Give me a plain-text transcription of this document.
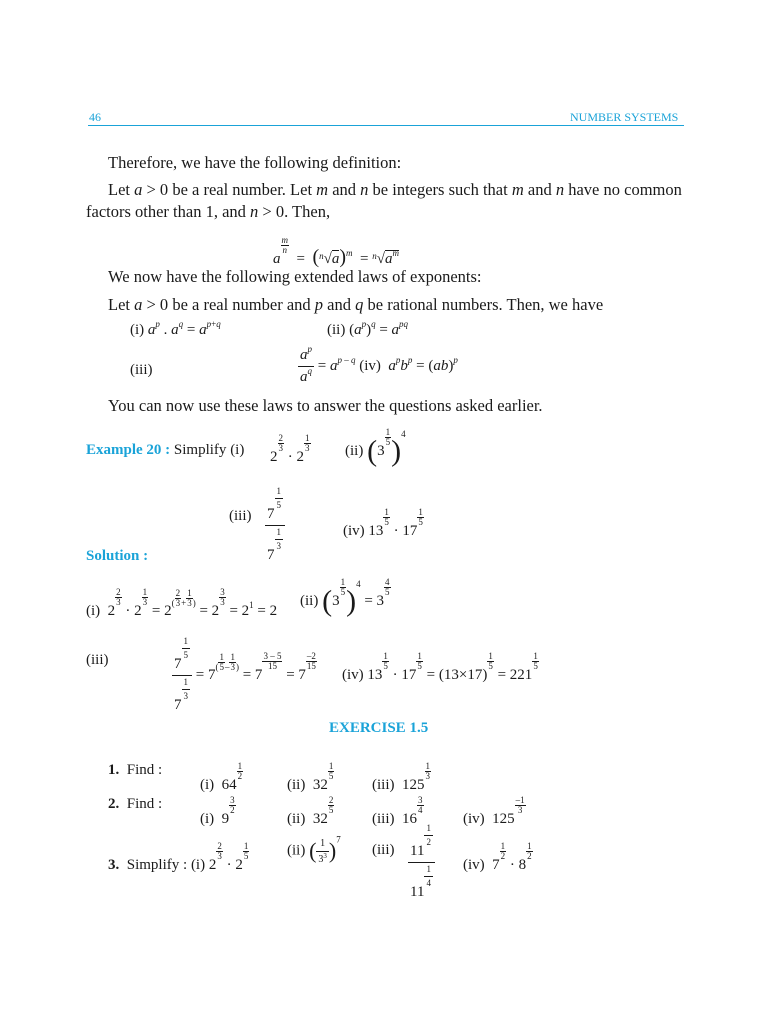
46	NUMBER SYSTEMS
Therefore, we have the following definition:
Let a > 0 be a real number. Let m and n be integers such that m and n have no common
factors other than 1, and n > 0. Then,
a
$\frac{m}{n}$
=  $(^n√a)^m = ^n√a^m$
We now have the following extended laws of exponents:
Let a > 0 be a real number and p and q be rational numbers. Then, we have
(i) $a^p$ . $a^q = a^{p+q}$	(ii) $(a^p)^q = a^{pq}$
(iii)	$\frac{a^p}{a^q} = a^{p - q}$ (iv) $a^pb^p = (ab)^p$
You can now use these laws to answer the questions asked earlier.
Example 20 : Simplify (i) 2
$\frac{2}{3}$
· 2
$\frac{1}{3} (ii)$ (3
$\frac{1}{5} )^4$
(iii) 7
$\frac{1}{5}$
7
$\frac{1}{3}$	(iv) 13
$\frac{1}{5}$
· 17
$\frac{1}{5}$
Solution :
(i)  2
$\frac{2}{3}$
· 2
$\frac{1}{3}$
= $2^{( \frac{2}{3} + \frac{1}{3} )} = 2$
$\frac{3}{3}$
= $2^1 = 2$
(ii) (3
$\frac{1}{5} )^4 = 3$
$\frac{4}{5}$
(iii)	7
$\frac{1}{5}$
7
$\frac{1}{3} = 7^{( \frac{1}{5} - \frac{1}{3} )} = 7$
$\frac{3 - 5}{15}$
= 7
$\frac{-2}{15}$
(iv) 13
$\frac{1}{5}$
· 17
$\frac{1}{5}$
= (13×17)
$\frac{1}{5}$
= 221
$\frac{1}{5}$
EXERCISE 1.5
1. Find :
(i)  64
$\frac{1}{2}$
(ii)  32
$\frac{1}{5}$
(iii)  125
$\frac{1}{3}$
2. Find :
(i)  9
$\frac{3}{2}$
(ii)  32
$\frac{2}{5}$
(iii)  16
$\frac{3}{4}$
(iv)  125
$\frac{-1}{3}$
3. Simplify : (i) 2
$\frac{2}{3}$
· 2
$\frac{1}{5}$	(ii) ( $\frac{1}{3^3} )^7$
(iii) 11
$\frac{1}{2}$
11
$\frac{1}{4} (iv)$  7
$\frac{1}{2}$
· 8
$\frac{1}{2}$
